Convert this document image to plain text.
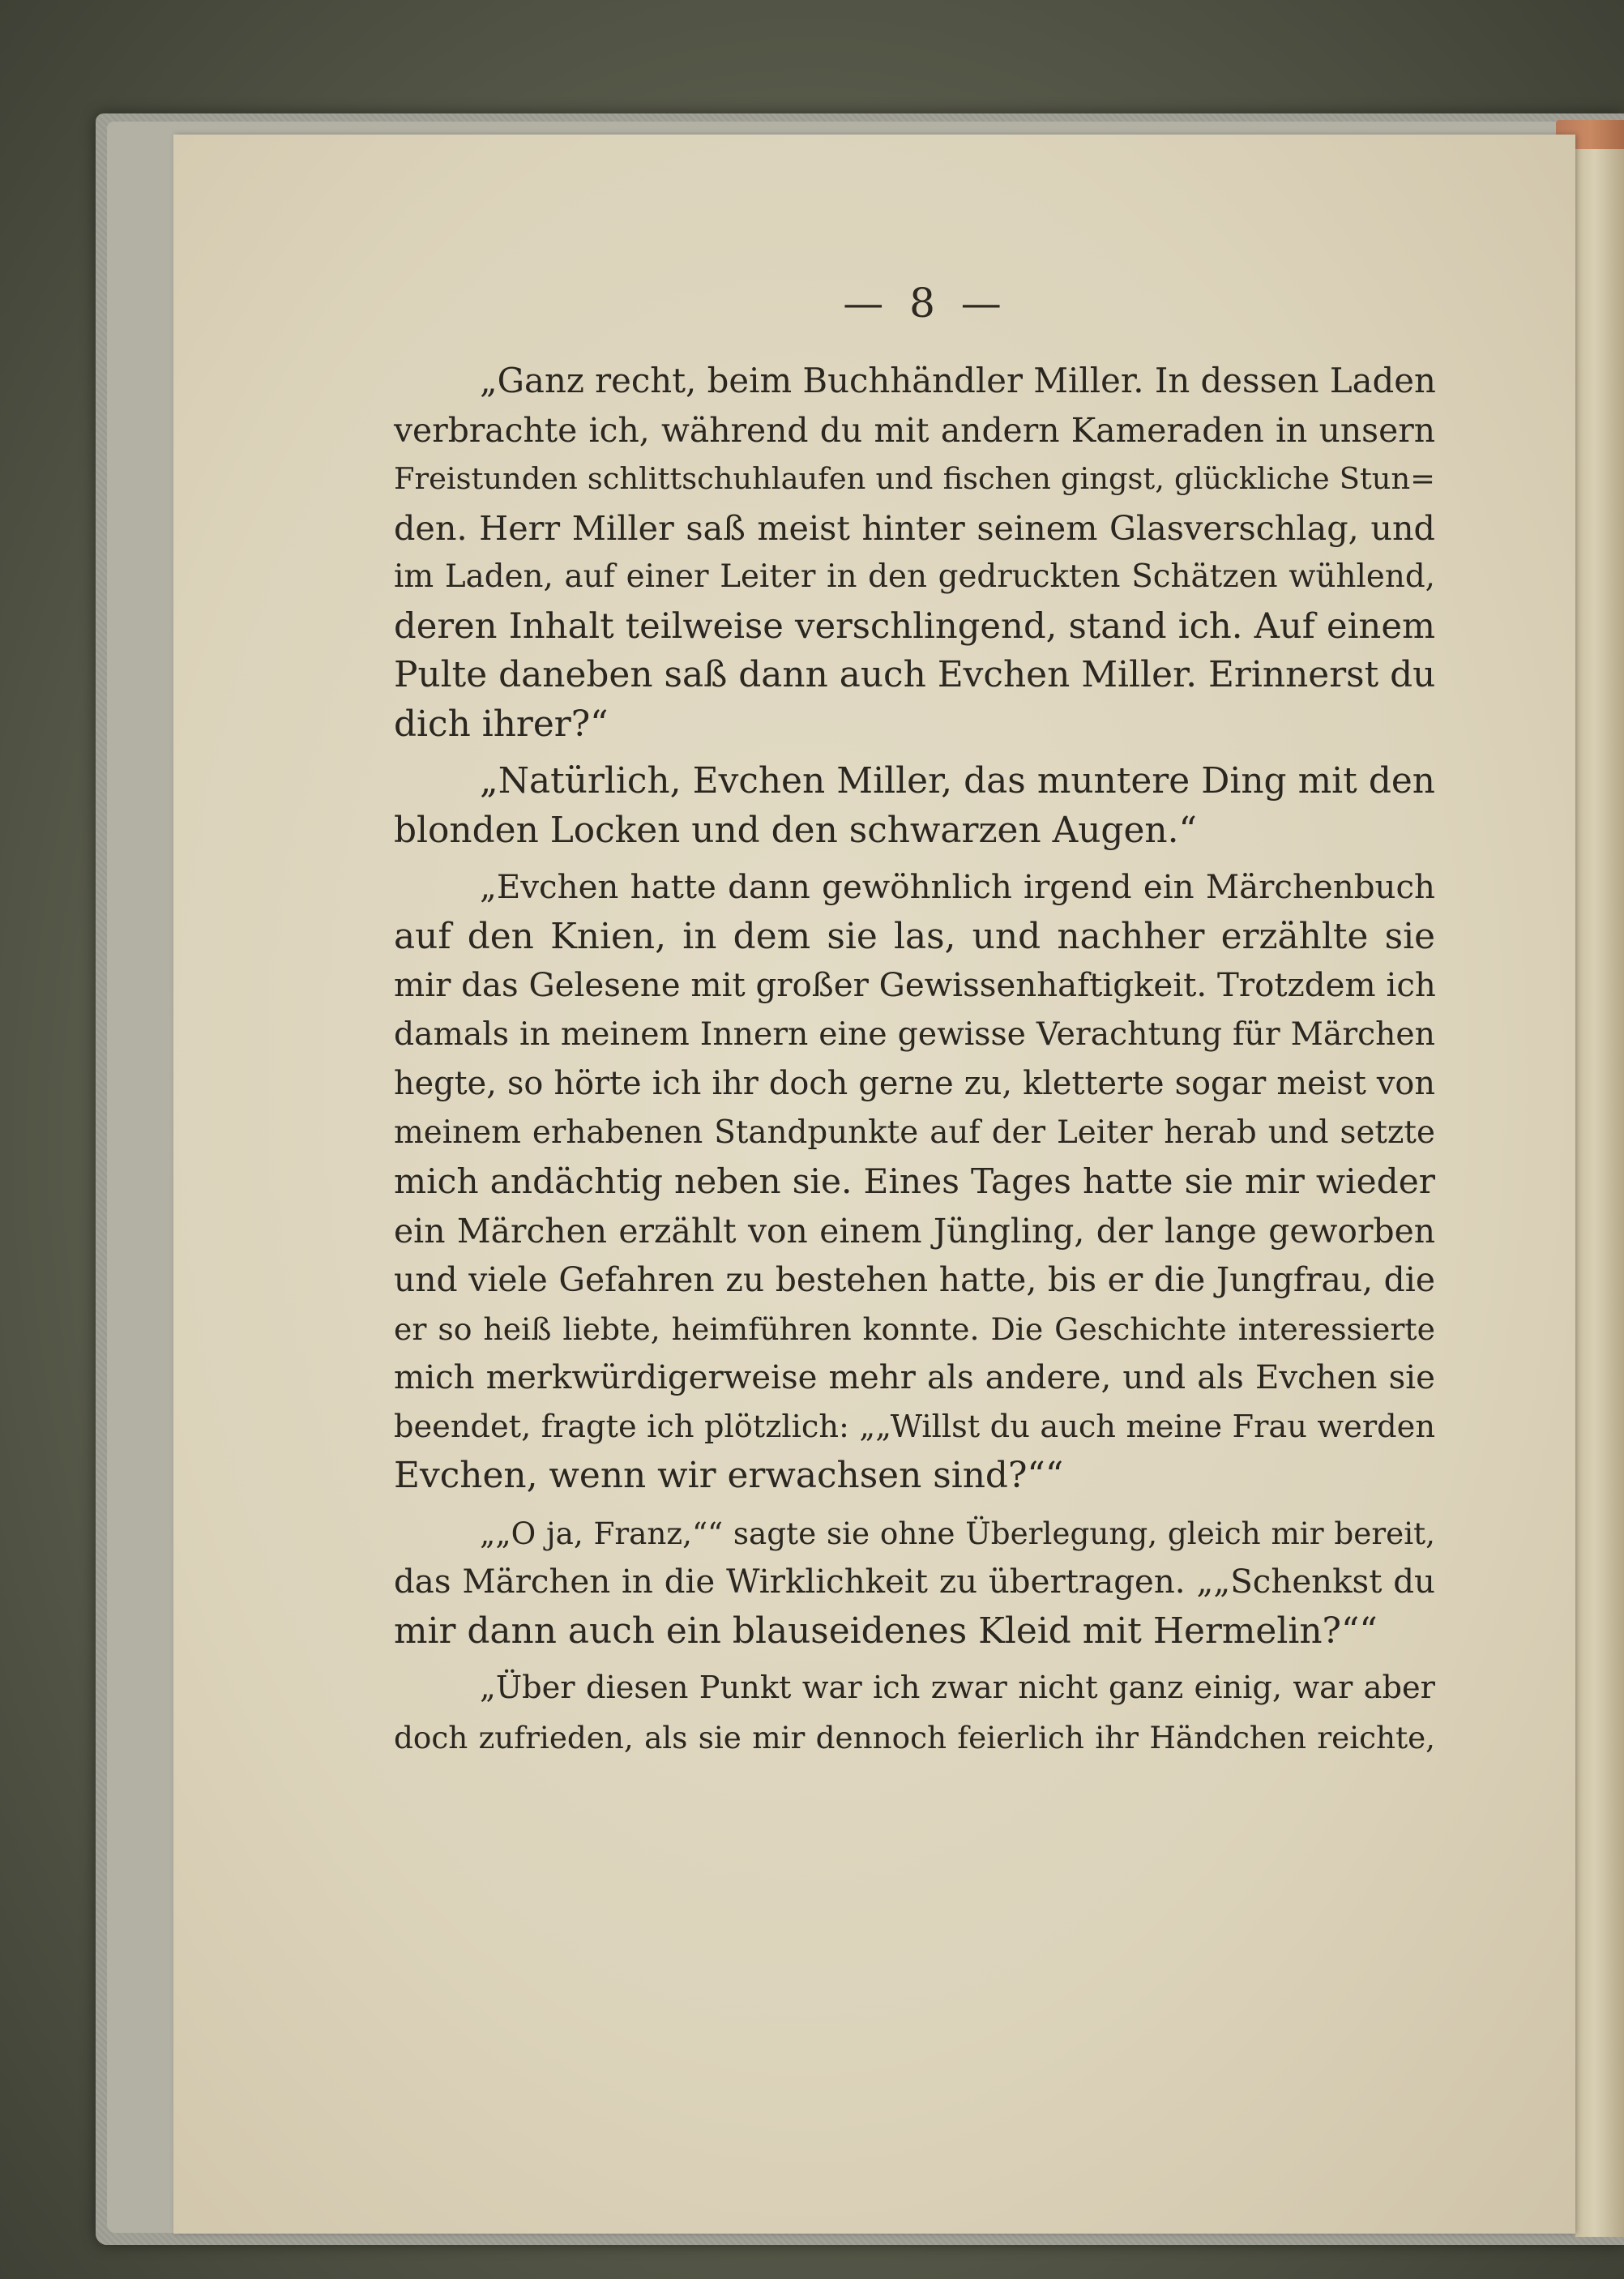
— 8 —
„Ganz recht, beim Buchhändler Miller. In dessen Laden
verbrachte ich, während du mit andern Kameraden in unsern
Freistunden schlittschuhlaufen und fischen gingst, glückliche Stun=
den. Herr Miller saß meist hinter seinem Glasverschlag, und
im Laden, auf einer Leiter in den gedruckten Schätzen wühlend,
deren Inhalt teilweise verschlingend, stand ich. Auf einem
Pulte daneben saß dann auch Evchen Miller. Erinnerst du
dich ihrer?“
„Natürlich, Evchen Miller, das muntere Ding mit den
blonden Locken und den schwarzen Augen.“
„Evchen hatte dann gewöhnlich irgend ein Märchenbuch
auf den Knien, in dem sie las, und nachher erzählte sie
mir das Gelesene mit großer Gewissenhaftigkeit. Trotzdem ich
damals in meinem Innern eine gewisse Verachtung für Märchen
hegte, so hörte ich ihr doch gerne zu, kletterte sogar meist von
meinem erhabenen Standpunkte auf der Leiter herab und setzte
mich andächtig neben sie. Eines Tages hatte sie mir wieder
ein Märchen erzählt von einem Jüngling, der lange geworben
und viele Gefahren zu bestehen hatte, bis er die Jungfrau, die
er so heiß liebte, heimführen konnte. Die Geschichte interessierte
mich merkwürdigerweise mehr als andere, und als Evchen sie
beendet, fragte ich plötzlich: „„Willst du auch meine Frau werden
Evchen, wenn wir erwachsen sind?““
„„O ja, Franz,““ sagte sie ohne Überlegung, gleich mir bereit,
das Märchen in die Wirklichkeit zu übertragen. „„Schenkst du
mir dann auch ein blauseidenes Kleid mit Hermelin?““
„Über diesen Punkt war ich zwar nicht ganz einig, war aber
doch zufrieden, als sie mir dennoch feierlich ihr Händchen reichte,
